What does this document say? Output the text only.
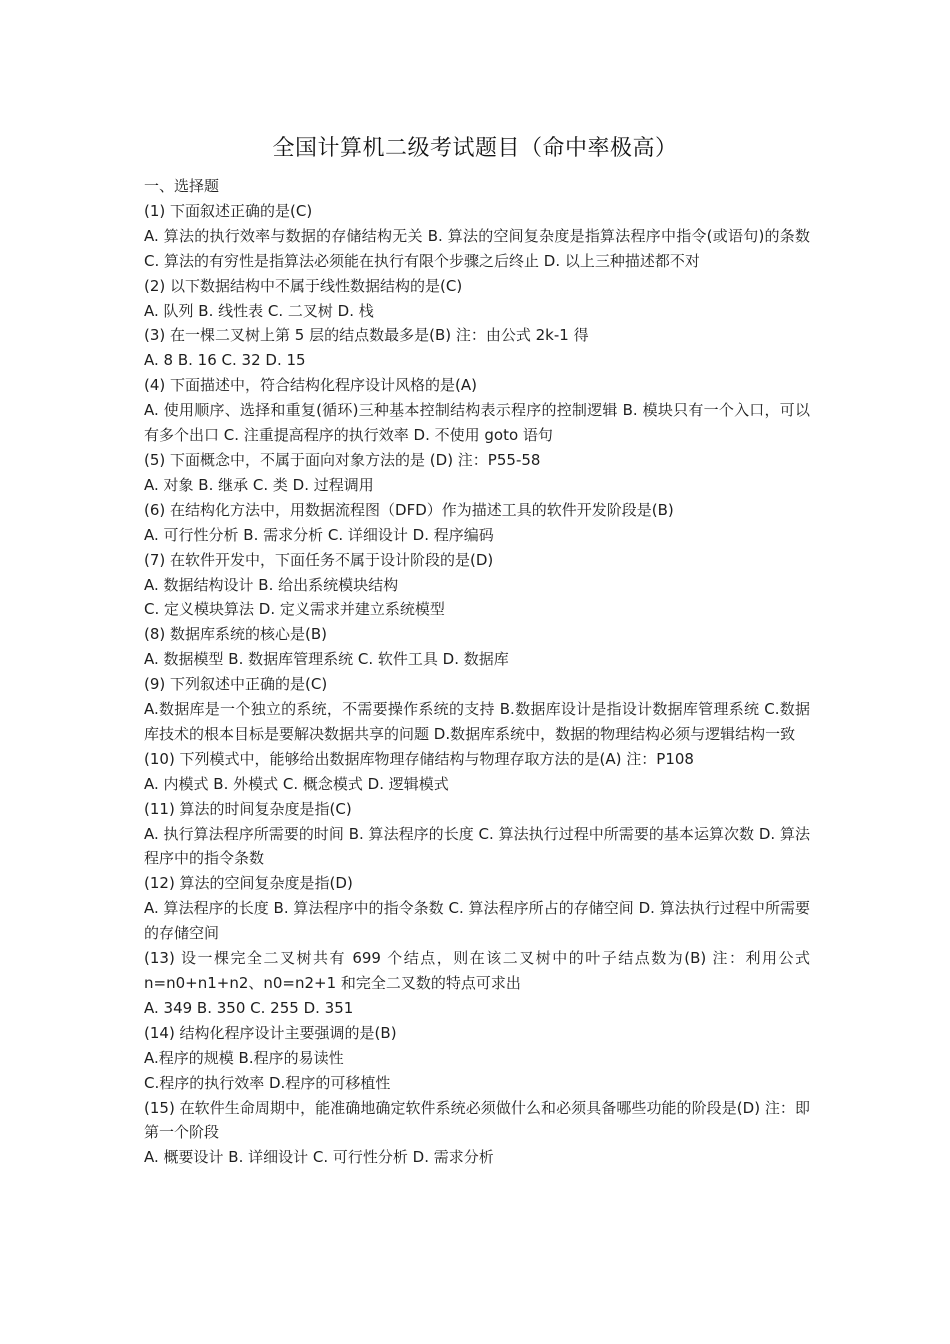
全国计算机二级考试题目（命中率极高）

一、选择题

(1) 下面叙述正确的是(C)

A. 算法的执行效率与数据的存储结构无关 B. 算法的空间复杂度是指算法程序中指令(或语句)的条数 C. 算法的有穷性是指算法必须能在执行有限个步骤之后终止 D. 以上三种描述都不对

(2) 以下数据结构中不属于线性数据结构的是(C)

A. 队列 B. 线性表 C. 二叉树 D. 栈

(3) 在一棵二叉树上第 5 层的结点数最多是(B) 注：由公式 2k-1 得

A. 8 B. 16 C. 32 D. 15

(4) 下面描述中，符合结构化程序设计风格的是(A)

A. 使用顺序、选择和重复(循环)三种基本控制结构表示程序的控制逻辑 B. 模块只有一个入口，可以有多个出口 C. 注重提高程序的执行效率 D. 不使用 goto 语句

(5) 下面概念中，不属于面向对象方法的是 (D) 注：P55-58

A. 对象 B. 继承 C. 类 D. 过程调用

(6) 在结构化方法中，用数据流程图（DFD）作为描述工具的软件开发阶段是(B)

A. 可行性分析 B. 需求分析 C. 详细设计 D. 程序编码

(7) 在软件开发中，下面任务不属于设计阶段的是(D)

A. 数据结构设计 B. 给出系统模块结构

C. 定义模块算法 D. 定义需求并建立系统模型

(8) 数据库系统的核心是(B)

A. 数据模型 B. 数据库管理系统 C. 软件工具 D. 数据库

(9) 下列叙述中正确的是(C)

A.数据库是一个独立的系统，不需要操作系统的支持 B.数据库设计是指设计数据库管理系统 C.数据库技术的根本目标是要解决数据共享的问题 D.数据库系统中，数据的物理结构必须与逻辑结构一致

(10) 下列模式中，能够给出数据库物理存储结构与物理存取方法的是(A) 注：P108

A. 内模式 B. 外模式 C. 概念模式 D. 逻辑模式

(11) 算法的时间复杂度是指(C)

A. 执行算法程序所需要的时间 B. 算法程序的长度 C. 算法执行过程中所需要的基本运算次数 D. 算法程序中的指令条数

(12) 算法的空间复杂度是指(D)

A. 算法程序的长度 B. 算法程序中的指令条数 C. 算法程序所占的存储空间 D. 算法执行过程中所需要的存储空间

(13) 设一棵完全二叉树共有 699 个结点，则在该二叉树中的叶子结点数为(B) 注：利用公式 n=n0+n1+n2、n0=n2+1 和完全二叉数的特点可求出

A. 349 B. 350 C. 255 D. 351

(14) 结构化程序设计主要强调的是(B)

A.程序的规模 B.程序的易读性

C.程序的执行效率 D.程序的可移植性

(15) 在软件生命周期中，能准确地确定软件系统必须做什么和必须具备哪些功能的阶段是(D) 注：即第一个阶段

A. 概要设计 B. 详细设计 C. 可行性分析 D. 需求分析
